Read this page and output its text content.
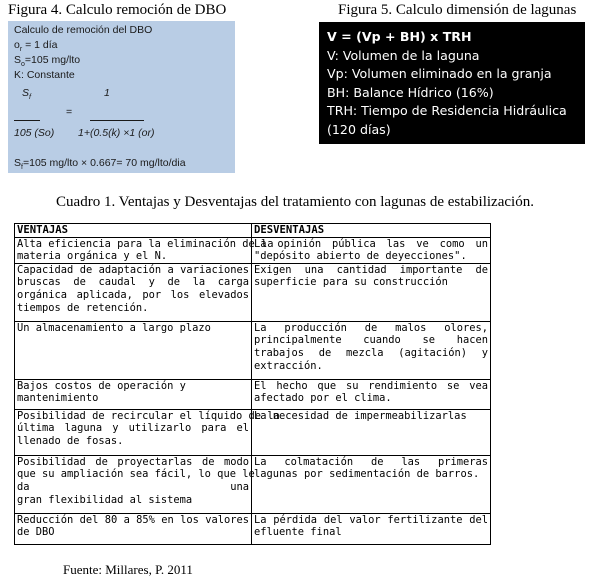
Figura 4. Calculo remoción de DBO	Figura 5. Calculo dimensión de lagunas
Calculo de remoción del DBO
$o_r = 1$ día
$S_o=105$ mg/lto
K: Constante
$S_f$	1
=
105 (So) 1+(0.5(k) ×1 (or)
$S_f=105$ mg/lto × 0.667= 70 mg/lto/dia
V = (Vp + BH) x TRH
V: Volumen de la laguna
Vp: Volumen eliminado en la granja
BH: Balance Hídrico (16%)
TRH: Tiempo de Residencia Hidráulica
(120 días)
Cuadro 1. Ventajas y Desventajas del tratamiento con lagunas de estabilización.
VENTAJAS	DESVENTAJAS

Alta eficiencia para la eliminación de la
materia orgánica y el N.	La opinión pública las ve como un
"depósito abierto de deyecciones".

Capacidad de adaptación a variaciones
bruscas de caudal y de la carga
orgánica aplicada, por los elevados
tiempos de retención.	Exigen una cantidad importante de
superficie para su construcción

Un almacenamiento a largo plazo	La producción de malos olores,
principalmente cuando se hacen
trabajos de mezcla (agitación) y
extracción.

Bajos costos de operación y
mantenimiento	El hecho que su rendimiento se vea
afectado por el clima.

Posibilidad de recircular el líquido de la
última laguna y utilizarlo para el
llenado de fosas.	La necesidad de impermeabilizarlas

Posibilidad de proyectarlas de modo
que su ampliación sea fácil, lo que le
da una
gran flexibilidad al sistema	La colmatación de las primeras
lagunas por sedimentación de barros.

Reducción del 80 a 85% en los valores
de DBO	La pérdida del valor fertilizante del
efluente final
Fuente: Millares, P. 2011
